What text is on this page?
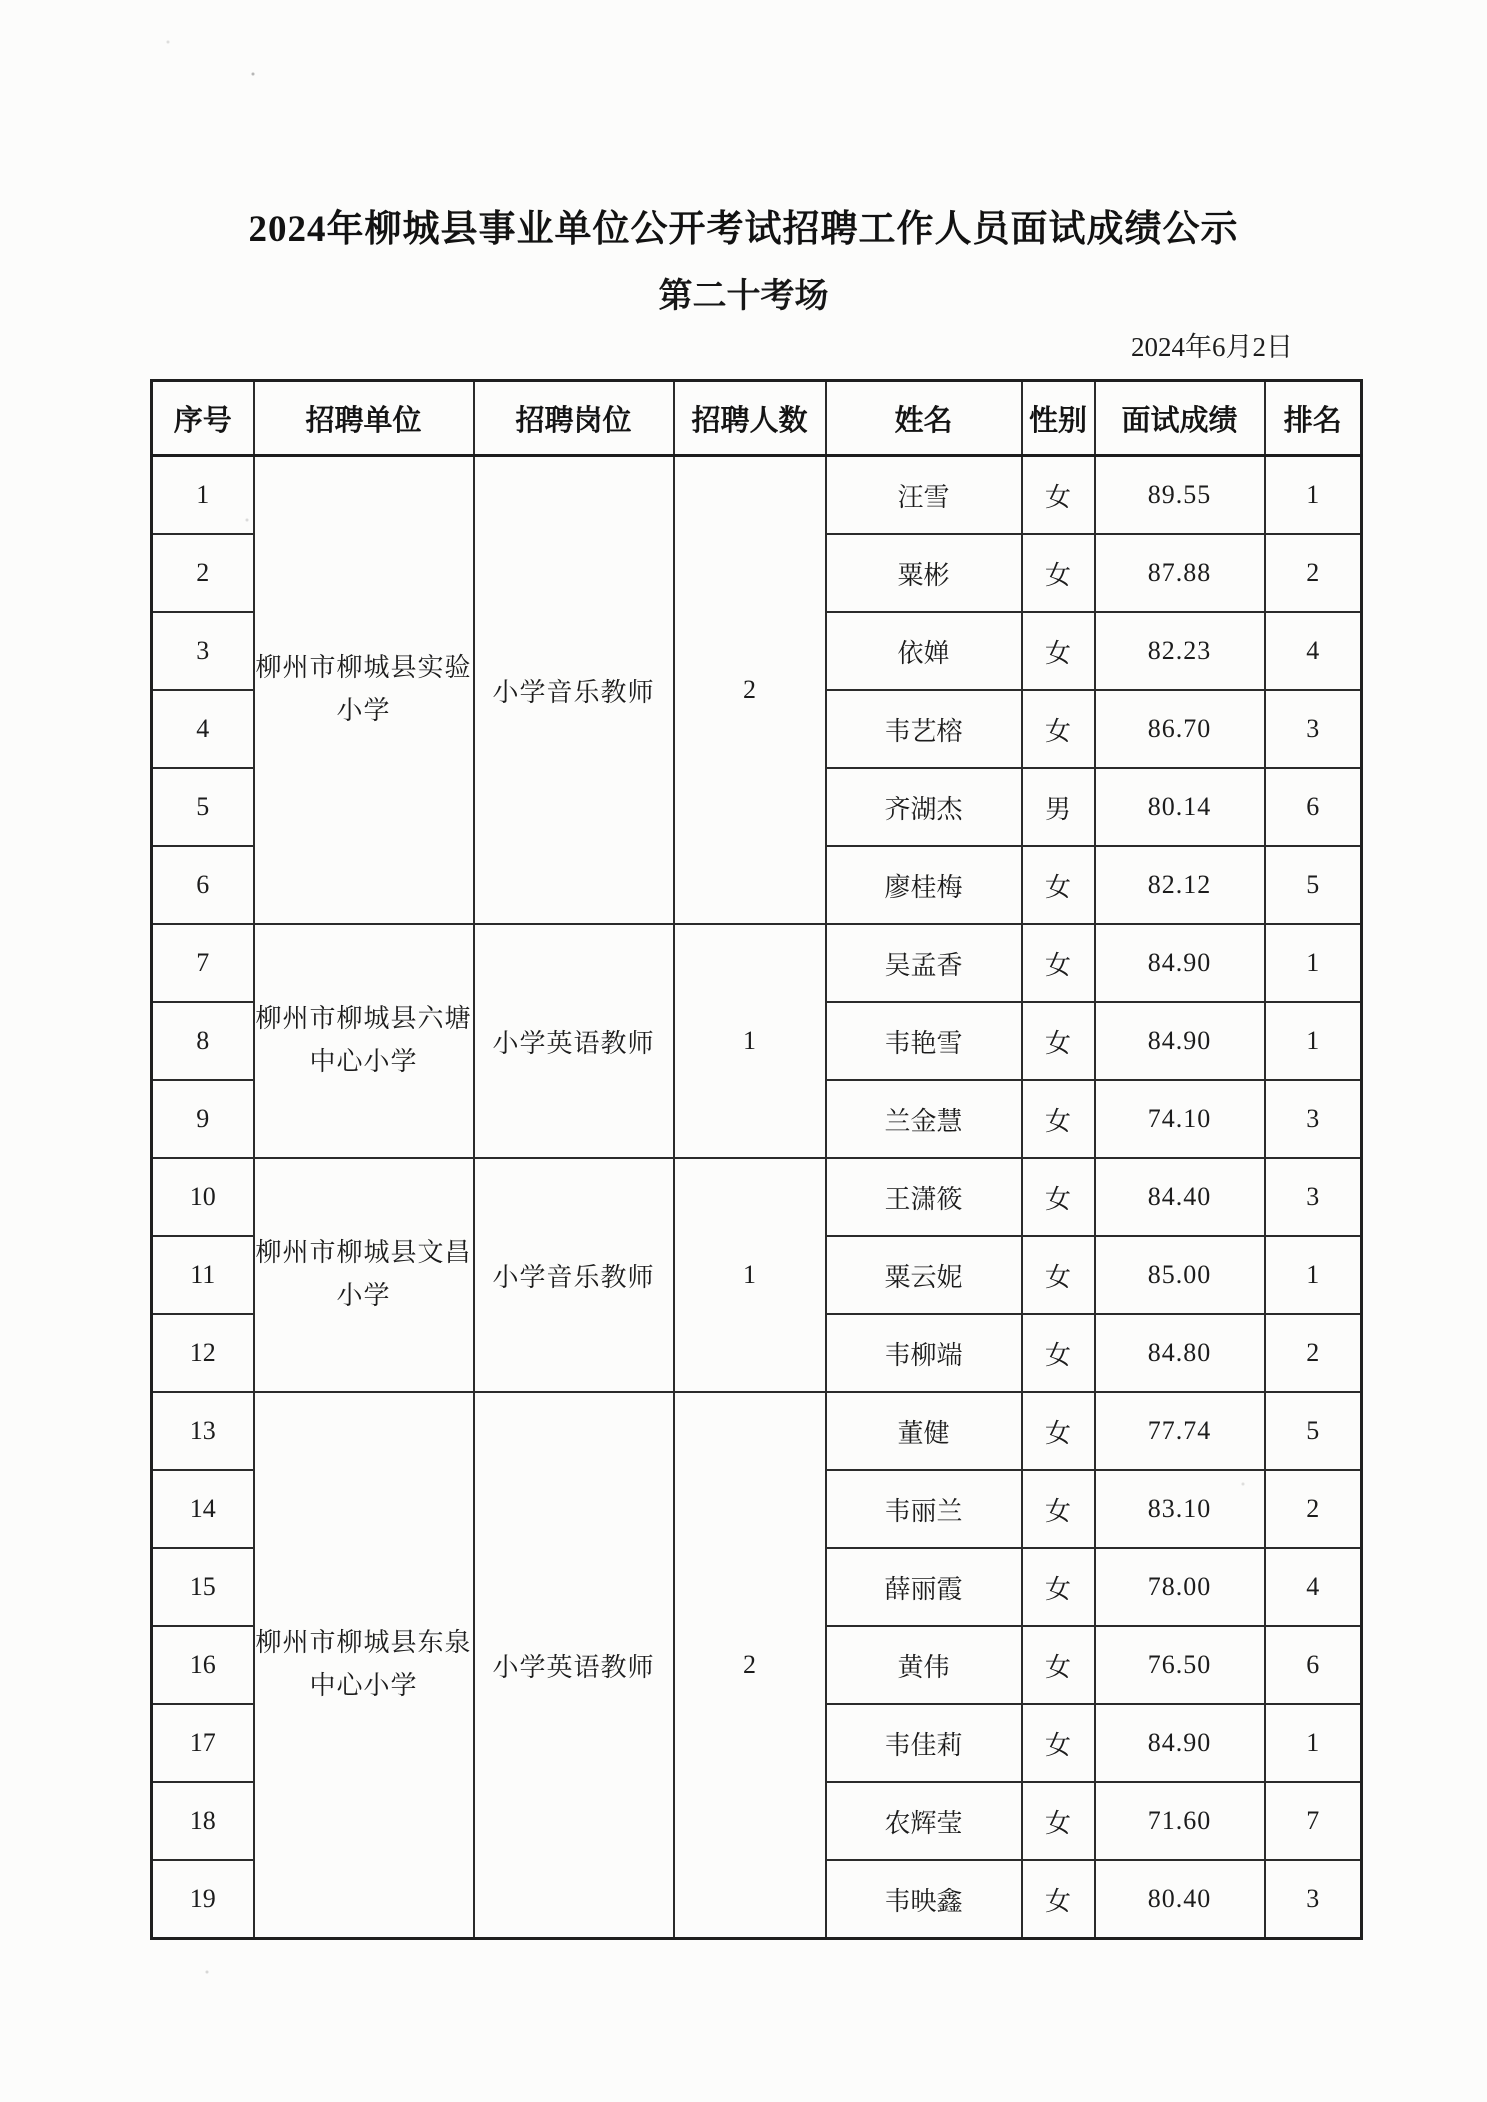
2024年柳城县事业单位公开考试招聘工作人员面试成绩公示
第二十考场
2024年6月2日
序号	招聘单位	招聘岗位	招聘人数	姓名	性别	面试成绩	排名
1	柳州市柳城县实验小学	小学音乐教师	2	汪雪	女	89.55	1
2				粟彬	女	87.88	2
3				依婵	女	82.23	4
4				韦艺榕	女	86.70	3
5				齐湖杰	男	80.14	6
6				廖桂梅	女	82.12	5
7	柳州市柳城县六塘中心小学	小学英语教师	1	吴孟香	女	84.90	1
8				韦艳雪	女	84.90	1
9				兰金慧	女	74.10	3
10	柳州市柳城县文昌小学	小学音乐教师	1	王潇筱	女	84.40	3
11				粟云妮	女	85.00	1
12				韦柳端	女	84.80	2
13	柳州市柳城县东泉中心小学	小学英语教师	2	董健	女	77.74	5
14				韦丽兰	女	83.10	2
15				薛丽霞	女	78.00	4
16				黄伟	女	76.50	6
17				韦佳莉	女	84.90	1
18				农辉莹	女	71.60	7
19				韦映鑫	女	80.40	3
